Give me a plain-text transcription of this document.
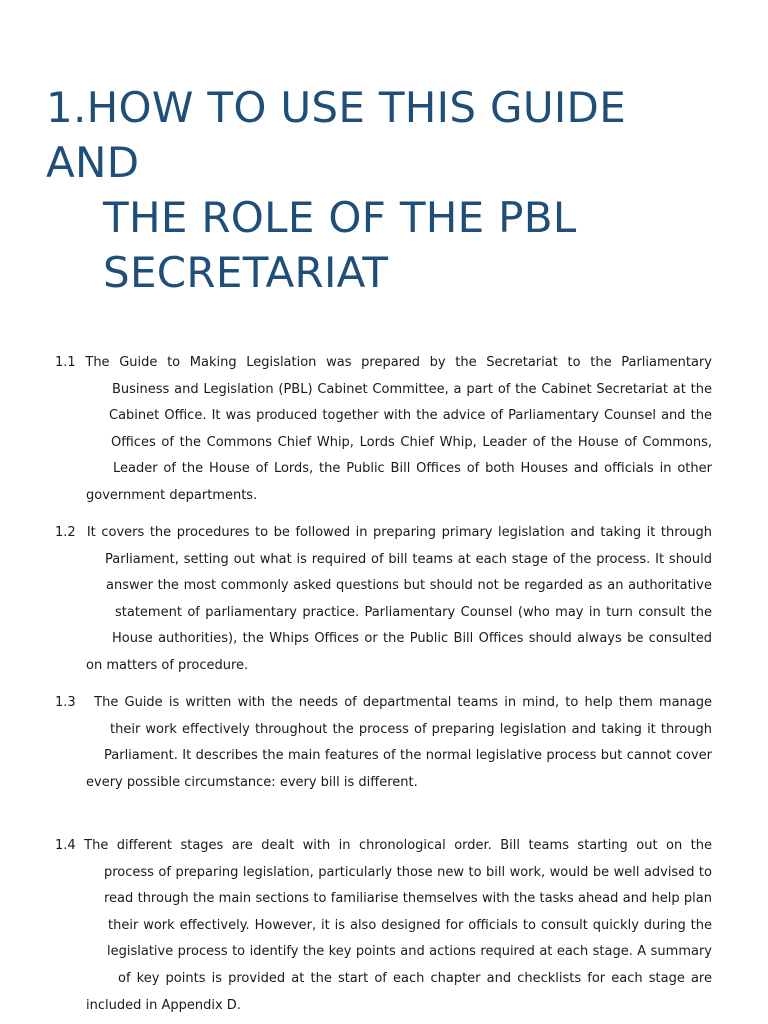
1.HOW TO USE THIS GUIDE
AND
THE ROLE OF THE PBL
SECRETARIAT
1.1 The Guide to Making Legislation was prepared by the Secretariat to the Parliamentary
Business and Legislation (PBL) Cabinet Committee, a part of the Cabinet Secretariat at the
Cabinet Office. It was produced together with the advice of Parliamentary Counsel and the
Offices of the Commons Chief Whip, Lords Chief Whip, Leader of the House of Commons,
Leader of the House of Lords, the Public Bill Offices of both Houses and officials in other
government departments.
1.2 It covers the procedures to be followed in preparing primary legislation and taking it through
Parliament, setting out what is required of bill teams at each stage of the process. It should
answer the most commonly asked questions but should not be regarded as an authoritative
statement of parliamentary practice. Parliamentary Counsel (who may in turn consult the
House authorities), the Whips Offices or the Public Bill Offices should always be consulted
on matters of procedure.
1.3 The Guide is written with the needs of departmental teams in mind, to help them manage
their work effectively throughout the process of preparing legislation and taking it through
Parliament. It describes the main features of the normal legislative process but cannot cover
every possible circumstance: every bill is different.
1.4 The different stages are dealt with in chronological order. Bill teams starting out on the
process of preparing legislation, particularly those new to bill work, would be well advised to
read through the main sections to familiarise themselves with the tasks ahead and help plan
their work effectively. However, it is also designed for officials to consult quickly during the
legislative process to identify the key points and actions required at each stage. A summary
of key points is provided at the start of each chapter and checklists for each stage are
included in Appendix D.
